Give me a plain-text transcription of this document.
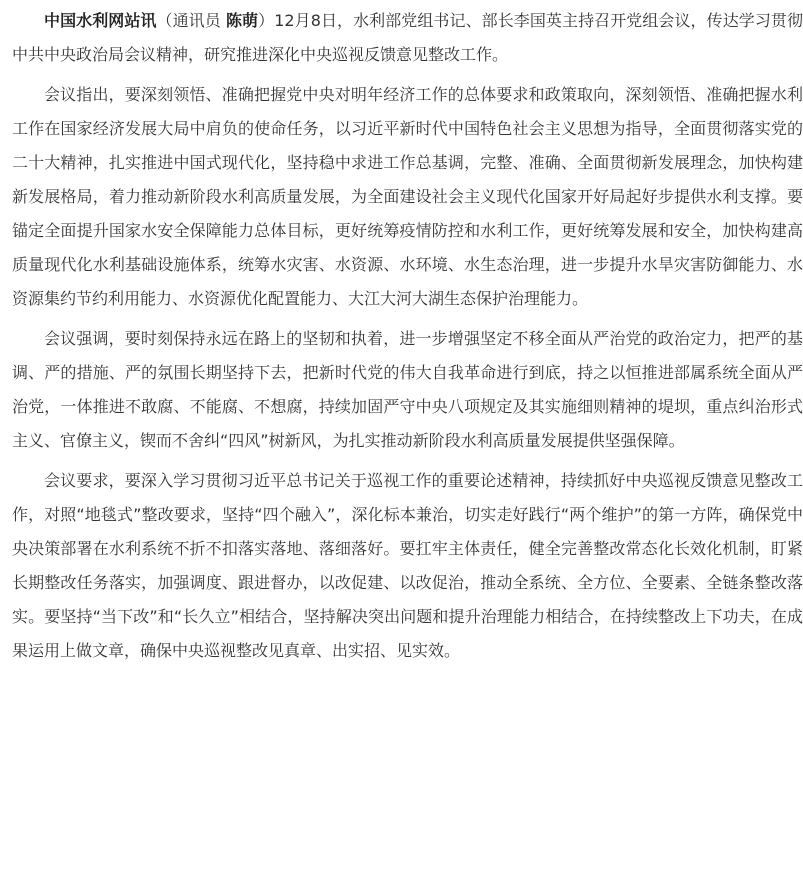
中国水利网站讯（通讯员 陈萌）12月8日，水利部党组书记、部长李国英主持召开党组会议，传达学习贯彻中共中央政治局会议精神，研究推进深化中央巡视反馈意见整改工作。

会议指出，要深刻领悟、准确把握党中央对明年经济工作的总体要求和政策取向，深刻领悟、准确把握水利工作在国家经济发展大局中肩负的使命任务，以习近平新时代中国特色社会主义思想为指导，全面贯彻落实党的二十大精神，扎实推进中国式现代化，坚持稳中求进工作总基调，完整、准确、全面贯彻新发展理念，加快构建新发展格局，着力推动新阶段水利高质量发展，为全面建设社会主义现代化国家开好局起好步提供水利支撑。要锚定全面提升国家水安全保障能力总体目标，更好统筹疫情防控和水利工作，更好统筹发展和安全，加快构建高质量现代化水利基础设施体系，统筹水灾害、水资源、水环境、水生态治理，进一步提升水旱灾害防御能力、水资源集约节约利用能力、水资源优化配置能力、大江大河大湖生态保护治理能力。

会议强调，要时刻保持永远在路上的坚韧和执着，进一步增强坚定不移全面从严治党的政治定力，把严的基调、严的措施、严的氛围长期坚持下去，把新时代党的伟大自我革命进行到底，持之以恒推进部属系统全面从严治党，一体推进不敢腐、不能腐、不想腐，持续加固严守中央八项规定及其实施细则精神的堤坝，重点纠治形式主义、官僚主义，锲而不舍纠“四风”树新风，为扎实推动新阶段水利高质量发展提供坚强保障。

会议要求，要深入学习贯彻习近平总书记关于巡视工作的重要论述精神，持续抓好中央巡视反馈意见整改工作，对照“地毯式”整改要求，坚持“四个融入”，深化标本兼治，切实走好践行“两个维护”的第一方阵，确保党中央决策部署在水利系统不折不扣落实落地、落细落好。要扛牢主体责任，健全完善整改常态化长效化机制，盯紧长期整改任务落实，加强调度、跟进督办，以改促建、以改促治，推动全系统、全方位、全要素、全链条整改落实。要坚持“当下改”和“长久立”相结合，坚持解决突出问题和提升治理能力相结合，在持续整改上下功夫，在成果运用上做文章，确保中央巡视整改见真章、出实招、见实效。
